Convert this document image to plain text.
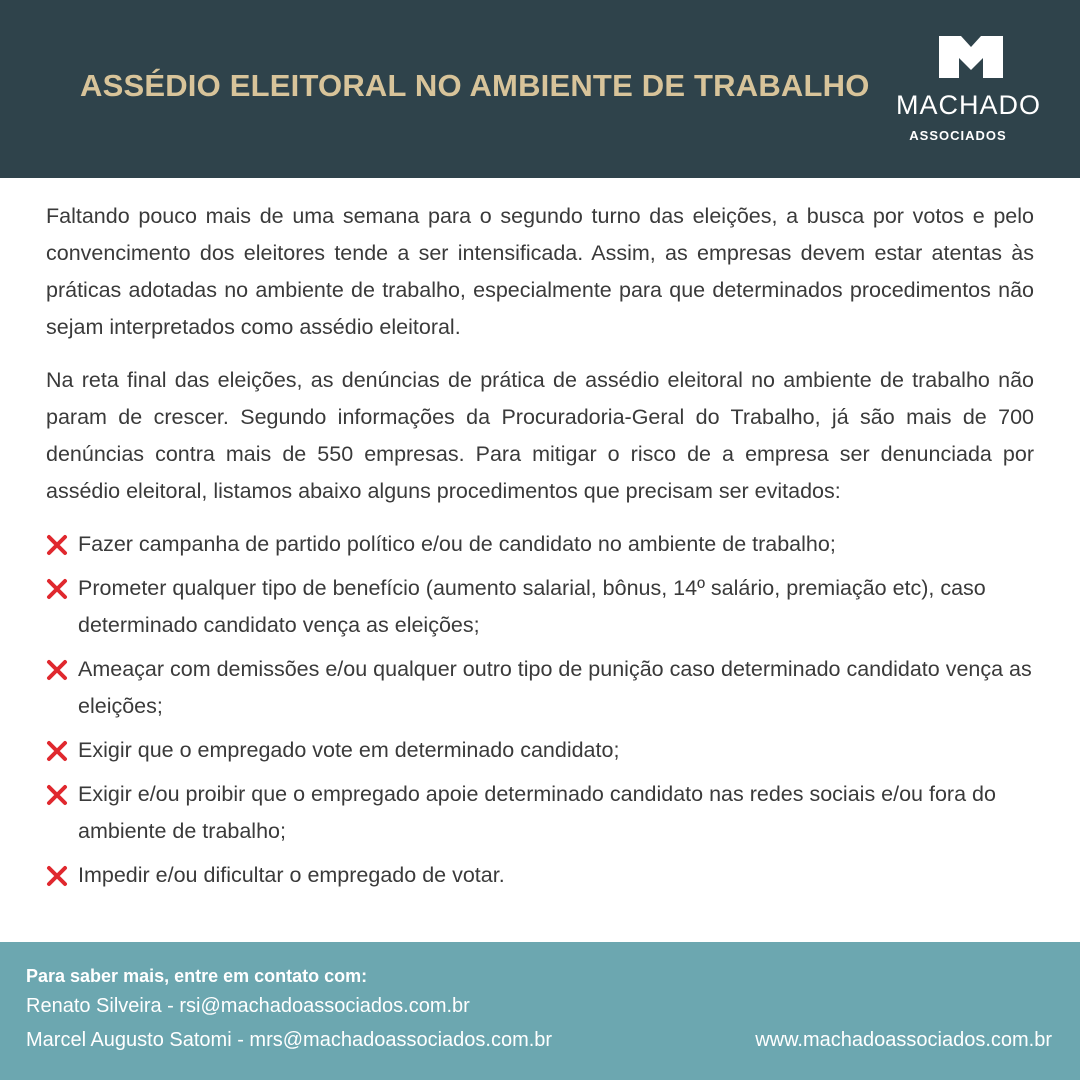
ASSÉDIO ELEITORAL NO AMBIENTE DE TRABALHO
MACHADO
ASSOCIADOS

Faltando pouco mais de uma semana para o segundo turno das eleições, a busca por votos e pelo convencimento dos eleitores tende a ser intensificada. Assim, as empresas devem estar atentas às práticas adotadas no ambiente de trabalho, especialmente para que determinados procedimentos não sejam interpretados como assédio eleitoral.

Na reta final das eleições, as denúncias de prática de assédio eleitoral no ambiente de trabalho não param de crescer. Segundo informações da Procuradoria-Geral do Trabalho, já são mais de 700 denúncias contra mais de 550 empresas. Para mitigar o risco de a empresa ser denunciada por assédio eleitoral, listamos abaixo alguns procedimentos que precisam ser evitados:

Fazer campanha de partido político e/ou de candidato no ambiente de trabalho;
Prometer qualquer tipo de benefício (aumento salarial, bônus, 14º salário, premiação etc), caso determinado candidato vença as eleições;
Ameaçar com demissões e/ou qualquer outro tipo de punição caso determinado candidato vença as eleições;
Exigir que o empregado vote em determinado candidato;
Exigir e/ou proibir que o empregado apoie determinado candidato nas redes sociais e/ou fora do ambiente de trabalho;
Impedir e/ou dificultar o empregado de votar.
Para saber mais, entre em contato com:
Renato Silveira - rsi@machadoassociados.com.br
Marcel Augusto Satomi - mrs@machadoassociados.com.br	www.machadoassociados.com.br
